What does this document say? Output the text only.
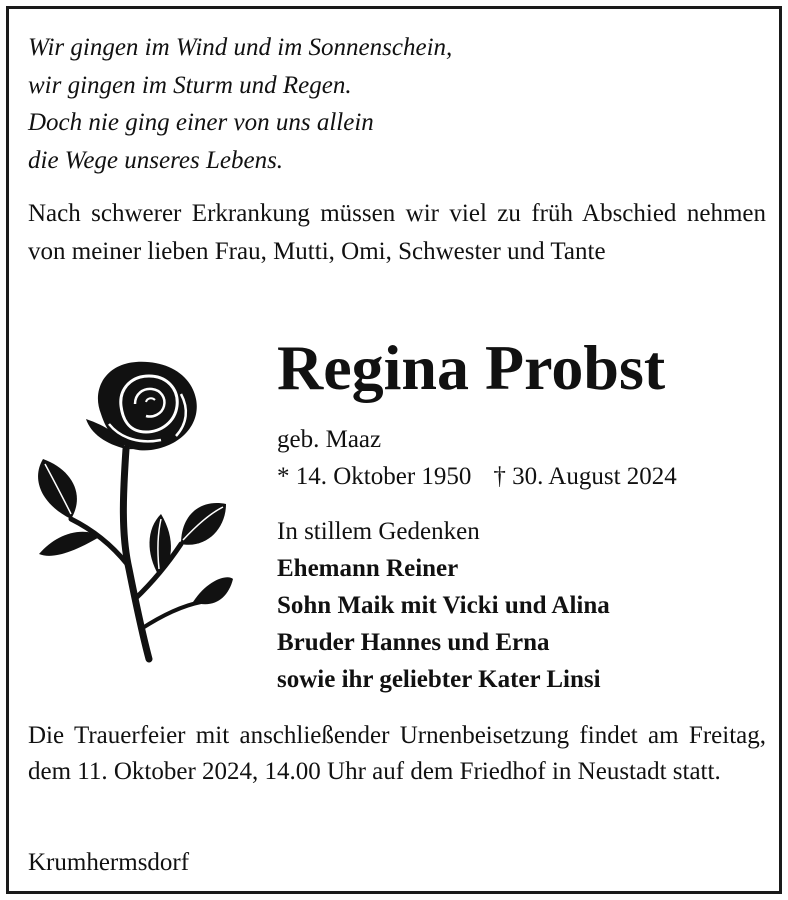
Wir gingen im Wind und im Sonnenschein,
wir gingen im Sturm und Regen.
Doch nie ging einer von uns allein
die Wege unseres Lebens.
Nach schwerer Erkrankung müssen wir viel zu früh Abschied nehmen von meiner lieben Frau, Mutti, Omi, Schwester und Tante
Regina Probst
geb. Maaz
* 14. Oktober 1950 † 30. August 2024
In stillem Gedenken
Ehemann Reiner
Sohn Maik mit Vicki und Alina
Bruder Hannes und Erna
sowie ihr geliebter Kater Linsi
Die Trauerfeier mit anschließender Urnenbeisetzung findet am Freitag, dem 11. Oktober 2024, 14.00 Uhr auf dem Friedhof in Neustadt statt.
Krumhermsdorf
